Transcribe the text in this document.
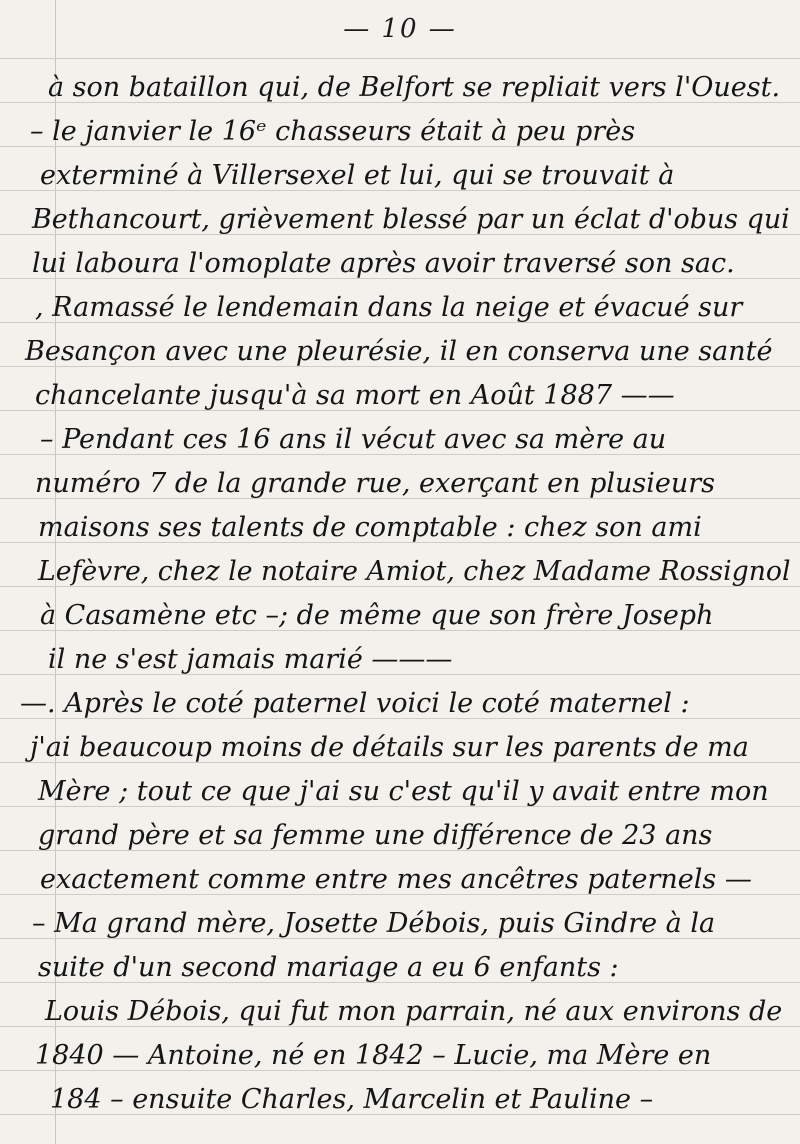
— 10 —
à son bataillon qui, de Belfort se repliait vers l'Ouest.
– le janvier le 16ᵉ chasseurs était à peu près
exterminé à Villersexel et lui, qui se trouvait à
Bethancourt, grièvement blessé par un éclat d'obus qui
lui laboura l'omoplate après avoir traversé son sac.
, Ramassé le lendemain dans la neige et évacué sur
Besançon avec une pleurésie, il en conserva une santé
chancelante jusqu'à sa mort en Août 1887 ——
– Pendant ces 16 ans il vécut avec sa mère au
numéro 7 de la grande rue, exerçant en plusieurs
maisons ses talents de comptable : chez son ami
Lefèvre, chez le notaire Amiot, chez Madame Rossignol
à Casamène etc –; de même que son frère Joseph
il ne s'est jamais marié ———
—. Après le coté paternel voici le coté maternel :
j'ai beaucoup moins de détails sur les parents de ma
Mère ; tout ce que j'ai su c'est qu'il y avait entre mon
grand père et sa femme une différence de 23 ans
exactement comme entre mes ancêtres paternels —
– Ma grand mère, Josette Débois, puis Gindre à la
suite d'un second mariage a eu 6 enfants :
Louis Débois, qui fut mon parrain, né aux environs de
1840 — Antoine, né en 1842 – Lucie, ma Mère en
184 – ensuite Charles, Marcelin et Pauline –
